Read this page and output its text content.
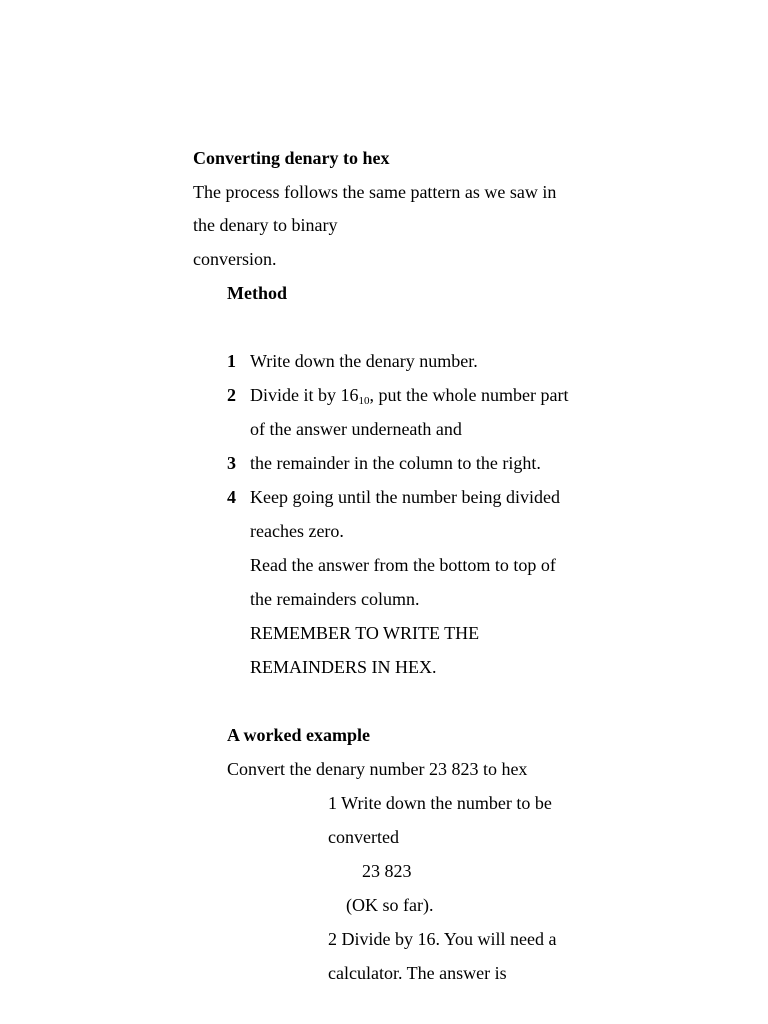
Converting denary to hex
The process follows the same pattern as we saw in
the denary to binary
conversion.
Method
1 Write down the denary number.
2 Divide it by $16_{10}$, put the whole number part
of the answer underneath and
3 the remainder in the column to the right.
4 Keep going until the number being divided
reaches zero.
Read the answer from the bottom to top of
the remainders column.
REMEMBER TO WRITE THE
REMAINDERS IN HEX.
A worked example
Convert the denary number 23 823 to hex
1 Write down the number to be
converted
23 823
(OK so far).
2 Divide by 16. You will need a
calculator. The answer is
